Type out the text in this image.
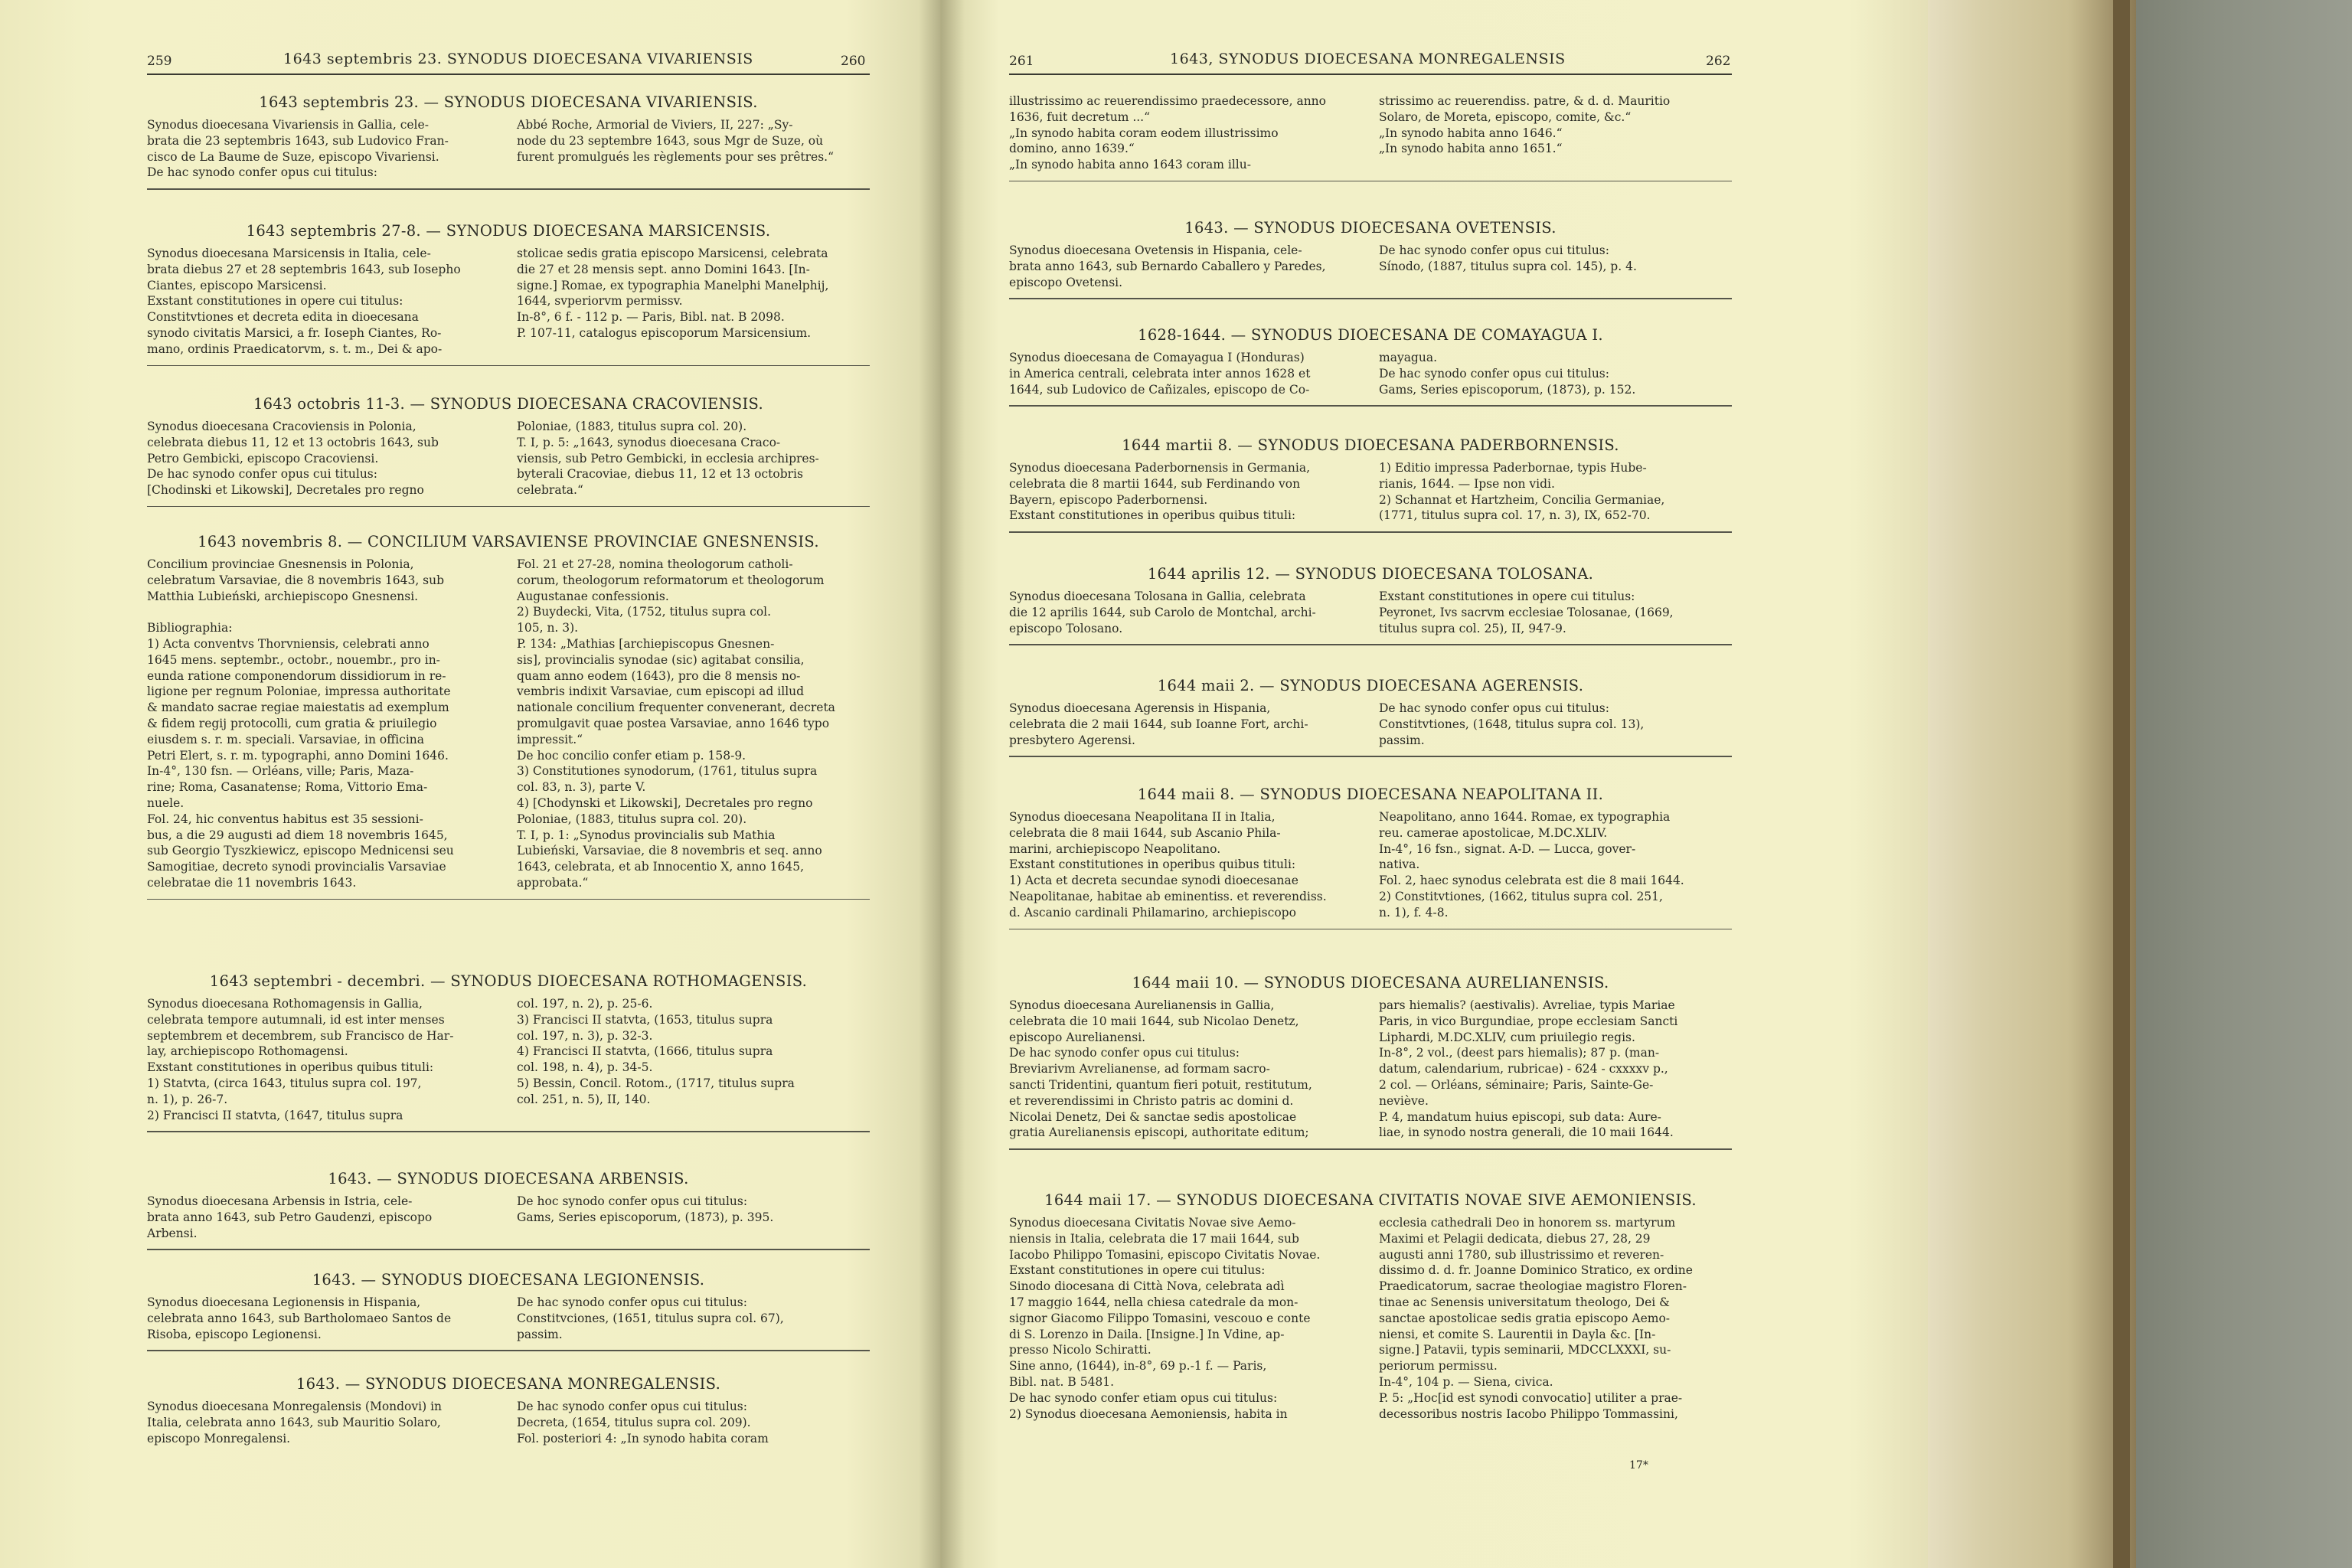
259	1643 septembris 23. SYNODUS DIOECESANA VIVARIENSIS	260
1643 septembris 23. — SYNODUS DIOECESANA VIVARIENSIS.
Synodus dioecesana Vivariensis in Gallia, cele-
brata die 23 septembris 1643, sub Ludovico Fran-
cisco de La Baume de Suze, episcopo Vivariensi.
De hac synodo confer opus cui titulus:
Abbé Roche, Armorial de Viviers, II, 227: „Sy-
node du 23 septembre 1643, sous Mgr de Suze, où
furent promulgués les règlements pour ses prêtres.“
1643 septembris 27-8. — SYNODUS DIOECESANA MARSICENSIS.
Synodus dioecesana Marsicensis in Italia, cele-
brata diebus 27 et 28 septembris 1643, sub Iosepho
Ciantes, episcopo Marsicensi.
Exstant constitutiones in opere cui titulus:
Constitvtiones et decreta edita in dioecesana
synodo civitatis Marsici, a fr. Ioseph Ciantes, Ro-
mano, ordinis Praedicatorvm, s. t. m., Dei & apo-
stolicae sedis gratia episcopo Marsicensi, celebrata
die 27 et 28 mensis sept. anno Domini 1643. [In-
signe.] Romae, ex typographia Manelphi Manelphij,
1644, svperiorvm permissv.
In-8°, 6 f. - 112 p. — Paris, Bibl. nat. B 2098.
P. 107-11, catalogus episcoporum Marsicensium.
1643 octobris 11-3. — SYNODUS DIOECESANA CRACOVIENSIS.
Synodus dioecesana Cracoviensis in Polonia,
celebrata diebus 11, 12 et 13 octobris 1643, sub
Petro Gembicki, episcopo Cracoviensi.
De hac synodo confer opus cui titulus:
[Chodinski et Likowski], Decretales pro regno
Poloniae, (1883, titulus supra col. 20).
T. I, p. 5: „1643, synodus dioecesana Craco-
viensis, sub Petro Gembicki, in ecclesia archipres-
byterali Cracoviae, diebus 11, 12 et 13 octobris
celebrata.“
1643 novembris 8. — CONCILIUM VARSAVIENSE PROVINCIAE GNESNENSIS.
Concilium provinciae Gnesnensis in Polonia,
celebratum Varsaviae, die 8 novembris 1643, sub
Matthia Lubieński, archiepiscopo Gnesnensi.

Bibliographia:
1) Acta conventvs Thorvniensis, celebrati anno
1645 mens. septembr., octobr., nouembr., pro in-
eunda ratione componendorum dissidiorum in re-
ligione per regnum Poloniae, impressa authoritate
& mandato sacrae regiae maiestatis ad exemplum
& fidem regij protocolli, cum gratia & priuilegio
eiusdem s. r. m. speciali. Varsaviae, in officina
Petri Elert, s. r. m. typographi, anno Domini 1646.
In-4°, 130 fsn. — Orléans, ville; Paris, Maza-
rine; Roma, Casanatense; Roma, Vittorio Ema-
nuele.
Fol. 24, hic conventus habitus est 35 sessioni-
bus, a die 29 augusti ad diem 18 novembris 1645,
sub Georgio Tyszkiewicz, episcopo Mednicensi seu
Samogitiae, decreto synodi provincialis Varsaviae
celebratae die 11 novembris 1643.
Fol. 21 et 27-28, nomina theologorum catholi-
corum, theologorum reformatorum et theologorum
Augustanae confessionis.
2) Buydecki, Vita, (1752, titulus supra col.
105, n. 3).
P. 134: „Mathias [archiepiscopus Gnesnen-
sis], provincialis synodae (sic) agitabat consilia,
quam anno eodem (1643), pro die 8 mensis no-
vembris indixit Varsaviae, cum episcopi ad illud
nationale concilium frequenter convenerant, decreta
promulgavit quae postea Varsaviae, anno 1646 typo
impressit.“
De hoc concilio confer etiam p. 158-9.
3) Constitutiones synodorum, (1761, titulus supra
col. 83, n. 3), parte V.
4) [Chodynski et Likowski], Decretales pro regno
Poloniae, (1883, titulus supra col. 20).
T. I, p. 1: „Synodus provincialis sub Mathia
Lubieński, Varsaviae, die 8 novembris et seq. anno
1643, celebrata, et ab Innocentio X, anno 1645,
approbata.“
1643 septembri - decembri. — SYNODUS DIOECESANA ROTHOMAGENSIS.
Synodus dioecesana Rothomagensis in Gallia,
celebrata tempore autumnali, id est inter menses
septembrem et decembrem, sub Francisco de Har-
lay, archiepiscopo Rothomagensi.
Exstant constitutiones in operibus quibus tituli:
1) Statvta, (circa 1643, titulus supra col. 197,
n. 1), p. 26-7.
2) Francisci II statvta, (1647, titulus supra
col. 197, n. 2), p. 25-6.
3) Francisci II statvta, (1653, titulus supra
col. 197, n. 3), p. 32-3.
4) Francisci II statvta, (1666, titulus supra
col. 198, n. 4), p. 34-5.
5) Bessin, Concil. Rotom., (1717, titulus supra
col. 251, n. 5), II, 140.
1643. — SYNODUS DIOECESANA ARBENSIS.
Synodus dioecesana Arbensis in Istria, cele-
brata anno 1643, sub Petro Gaudenzi, episcopo
Arbensi.
De hoc synodo confer opus cui titulus:
Gams, Series episcoporum, (1873), p. 395.
1643. — SYNODUS DIOECESANA LEGIONENSIS.
Synodus dioecesana Legionensis in Hispania,
celebrata anno 1643, sub Bartholomaeo Santos de
Risoba, episcopo Legionensi.
De hac synodo confer opus cui titulus:
Constitvciones, (1651, titulus supra col. 67),
passim.
1643. — SYNODUS DIOECESANA MONREGALENSIS.
Synodus dioecesana Monregalensis (Mondovi) in
Italia, celebrata anno 1643, sub Mauritio Solaro,
episcopo Monregalensi.
De hac synodo confer opus cui titulus:
Decreta, (1654, titulus supra col. 209).
Fol. posteriori 4: „In synodo habita coram
261	1643, SYNODUS DIOECESANA MONREGALENSIS	262
illustrissimo ac reuerendissimo praedecessore, anno
1636, fuit decretum ...“
„In synodo habita coram eodem illustrissimo
domino, anno 1639.“
„In synodo habita anno 1643 coram illu-
strissimo ac reuerendiss. patre, & d. d. Mauritio
Solaro, de Moreta, episcopo, comite, &c.“
„In synodo habita anno 1646.“
„In synodo habita anno 1651.“
1643. — SYNODUS DIOECESANA OVETENSIS.
Synodus dioecesana Ovetensis in Hispania, cele-
brata anno 1643, sub Bernardo Caballero y Paredes,
episcopo Ovetensi.
De hac synodo confer opus cui titulus:
Sínodo, (1887, titulus supra col. 145), p. 4.
1628-1644. — SYNODUS DIOECESANA DE COMAYAGUA I.
Synodus dioecesana de Comayagua I (Honduras)
in America centrali, celebrata inter annos 1628 et
1644, sub Ludovico de Cañizales, episcopo de Co-
mayagua.
De hac synodo confer opus cui titulus:
Gams, Series episcoporum, (1873), p. 152.
1644 martii 8. — SYNODUS DIOECESANA PADERBORNENSIS.
Synodus dioecesana Paderbornensis in Germania,
celebrata die 8 martii 1644, sub Ferdinando von
Bayern, episcopo Paderbornensi.
Exstant constitutiones in operibus quibus tituli:
1) Editio impressa Paderbornae, typis Hube-
rianis, 1644. — Ipse non vidi.
2) Schannat et Hartzheim, Concilia Germaniae,
(1771, titulus supra col. 17, n. 3), IX, 652-70.
1644 aprilis 12. — SYNODUS DIOECESANA TOLOSANA.
Synodus dioecesana Tolosana in Gallia, celebrata
die 12 aprilis 1644, sub Carolo de Montchal, archi-
episcopo Tolosano.
Exstant constitutiones in opere cui titulus:
Peyronet, Ivs sacrvm ecclesiae Tolosanae, (1669,
titulus supra col. 25), II, 947-9.
1644 maii 2. — SYNODUS DIOECESANA AGERENSIS.
Synodus dioecesana Agerensis in Hispania,
celebrata die 2 maii 1644, sub Ioanne Fort, archi-
presbytero Agerensi.
De hac synodo confer opus cui titulus:
Constitvtiones, (1648, titulus supra col. 13),
passim.
1644 maii 8. — SYNODUS DIOECESANA NEAPOLITANA II.
Synodus dioecesana Neapolitana II in Italia,
celebrata die 8 maii 1644, sub Ascanio Phila-
marini, archiepiscopo Neapolitano.
Exstant constitutiones in operibus quibus tituli:
1) Acta et decreta secundae synodi dioecesanae
Neapolitanae, habitae ab eminentiss. et reverendiss.
d. Ascanio cardinali Philamarino, archiepiscopo
Neapolitano, anno 1644. Romae, ex typographia
reu. camerae apostolicae, M.DC.XLIV.
In-4°, 16 fsn., signat. A-D. — Lucca, gover-
nativa.
Fol. 2, haec synodus celebrata est die 8 maii 1644.
2) Constitvtiones, (1662, titulus supra col. 251,
n. 1), f. 4-8.
1644 maii 10. — SYNODUS DIOECESANA AURELIANENSIS.
Synodus dioecesana Aurelianensis in Gallia,
celebrata die 10 maii 1644, sub Nicolao Denetz,
episcopo Aurelianensi.
De hac synodo confer opus cui titulus:
Breviarivm Avrelianense, ad formam sacro-
sancti Tridentini, quantum fieri potuit, restitutum,
et reverendissimi in Christo patris ac domini d.
Nicolai Denetz, Dei & sanctae sedis apostolicae
gratia Aurelianensis episcopi, authoritate editum;
pars hiemalis? (aestivalis). Avreliae, typis Mariae
Paris, in vico Burgundiae, prope ecclesiam Sancti
Liphardi, M.DC.XLIV, cum priuilegio regis.
In-8°, 2 vol., (deest pars hiemalis); 87 p. (man-
datum, calendarium, rubricae) - 624 - cxxxxv p.,
2 col. — Orléans, séminaire; Paris, Sainte-Ge-
neviève.
P. 4, mandatum huius episcopi, sub data: Aure-
liae, in synodo nostra generali, die 10 maii 1644.
1644 maii 17. — SYNODUS DIOECESANA CIVITATIS NOVAE SIVE AEMONIENSIS.
Synodus dioecesana Civitatis Novae sive Aemo-
niensis in Italia, celebrata die 17 maii 1644, sub
Iacobo Philippo Tomasini, episcopo Civitatis Novae.
Exstant constitutiones in opere cui titulus:
Sinodo diocesana di Città Nova, celebrata adì
17 maggio 1644, nella chiesa catedrale da mon-
signor Giacomo Filippo Tomasini, vescouo e conte
di S. Lorenzo in Daila. [Insigne.] In Vdine, ap-
presso Nicolo Schiratti.
Sine anno, (1644), in-8°, 69 p.-1 f. — Paris,
Bibl. nat. B 5481.
De hac synodo confer etiam opus cui titulus:
2) Synodus dioecesana Aemoniensis, habita in
ecclesia cathedrali Deo in honorem ss. martyrum
Maximi et Pelagii dedicata, diebus 27, 28, 29
augusti anni 1780, sub illustrissimo et reveren-
dissimo d. d. fr. Joanne Dominico Stratico, ex ordine
Praedicatorum, sacrae theologiae magistro Floren-
tinae ac Senensis universitatum theologo, Dei &
sanctae apostolicae sedis gratia episcopo Aemo-
niensi, et comite S. Laurentii in Dayla &c. [In-
signe.] Patavii, typis seminarii, MDCCLXXXI, su-
periorum permissu.
In-4°, 104 p. — Siena, civica.
P. 5: „Hoc[id est synodi convocatio] utiliter a prae-
decessoribus nostris Iacobo Philippo Tommassini,
17*
